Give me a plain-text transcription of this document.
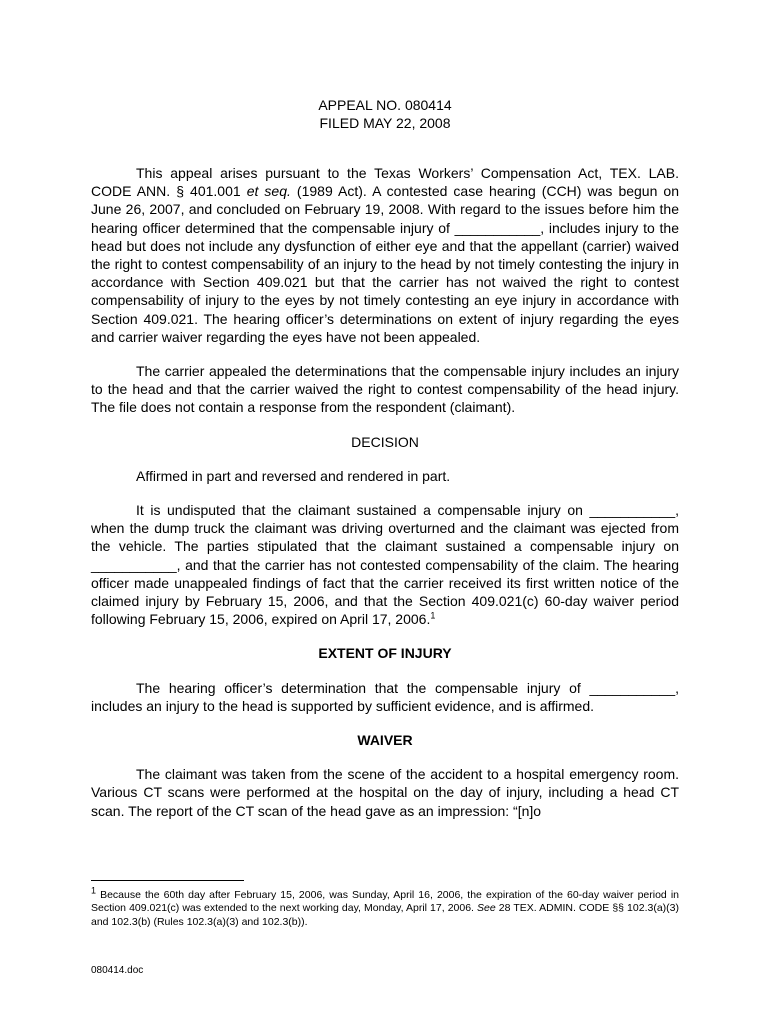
APPEAL NO. 080414
FILED MAY 22, 2008

This appeal arises pursuant to the Texas Workers’ Compensation Act, TEX. LAB. CODE ANN. § 401.001 et seq. (1989 Act). A contested case hearing (CCH) was begun on June 26, 2007, and concluded on February 19, 2008. With regard to the issues before him the hearing officer determined that the compensable injury of ___________, includes injury to the head but does not include any dysfunction of either eye and that the appellant (carrier) waived the right to contest compensability of an injury to the head by not timely contesting the injury in accordance with Section 409.021 but that the carrier has not waived the right to contest compensability of injury to the eyes by not timely contesting an eye injury in accordance with Section 409.021. The hearing officer’s determinations on extent of injury regarding the eyes and carrier waiver regarding the eyes have not been appealed.

The carrier appealed the determinations that the compensable injury includes an injury to the head and that the carrier waived the right to contest compensability of the head injury. The file does not contain a response from the respondent (claimant).

DECISION

Affirmed in part and reversed and rendered in part.

It is undisputed that the claimant sustained a compensable injury on ___________, when the dump truck the claimant was driving overturned and the claimant was ejected from the vehicle. The parties stipulated that the claimant sustained a compensable injury on ___________, and that the carrier has not contested compensability of the claim. The hearing officer made unappealed findings of fact that the carrier received its first written notice of the claimed injury by February 15, 2006, and that the Section 409.021(c) 60-day waiver period following February 15, 2006, expired on April 17, 2006.$^1$

EXTENT OF INJURY

The hearing officer’s determination that the compensable injury of ___________, includes an injury to the head is supported by sufficient evidence, and is affirmed.

WAIVER

The claimant was taken from the scene of the accident to a hospital emergency room. Various CT scans were performed at the hospital on the day of injury, including a head CT scan. The report of the CT scan of the head gave as an impression: “[n]o

$^1$ Because the 60th day after February 15, 2006, was Sunday, April 16, 2006, the expiration of the 60-day waiver period in Section 409.021(c) was extended to the next working day, Monday, April 17, 2006. See 28 TEX. ADMIN. CODE §§ 102.3(a)(3) and 102.3(b) (Rules 102.3(a)(3) and 102.3(b)).
080414.doc
